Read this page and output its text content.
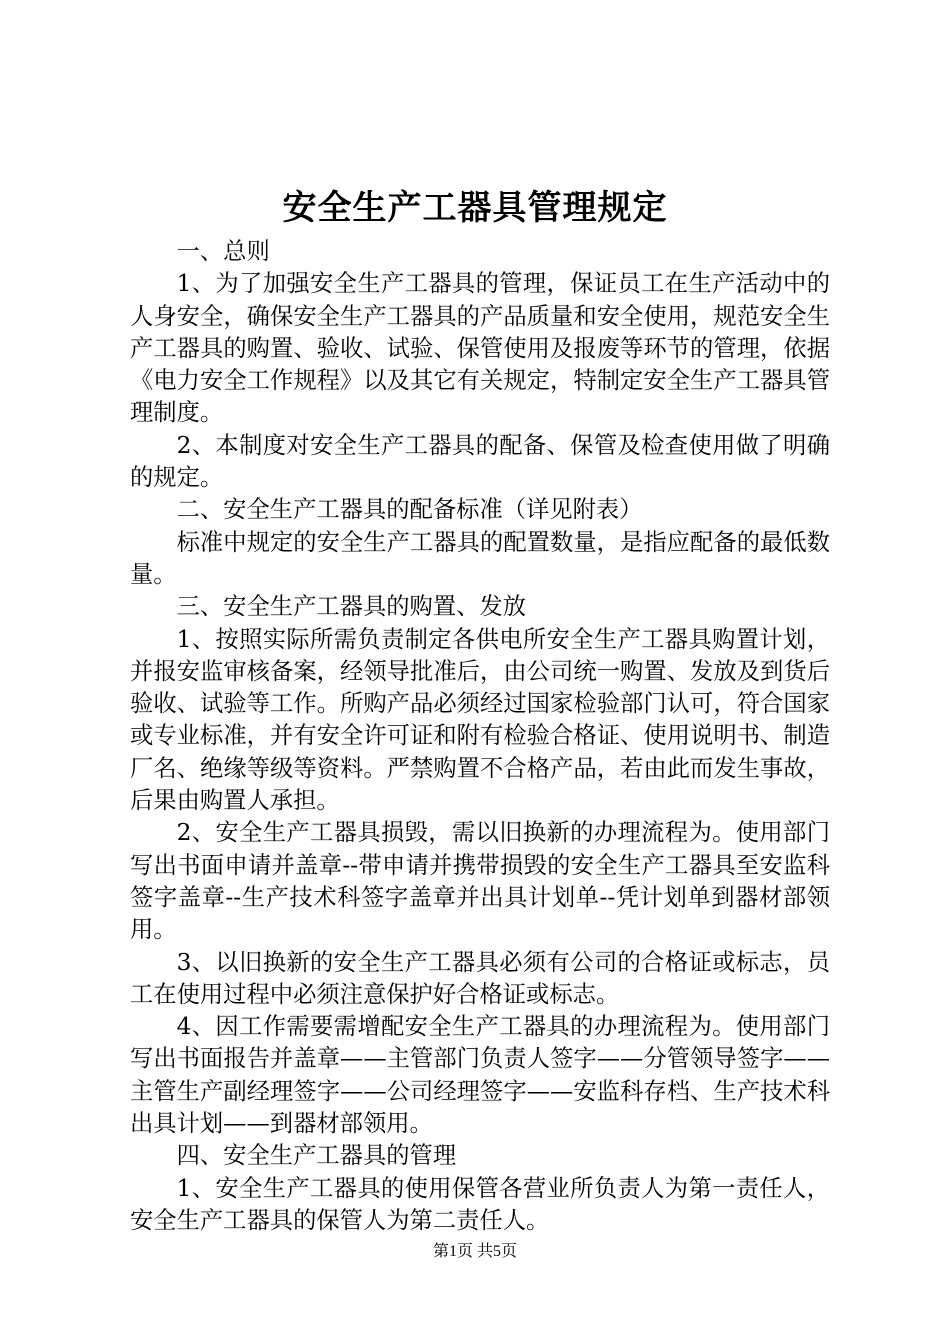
安全生产工器具管理规定

一、总则

1、为了加强安全生产工器具的管理，保证员工在生产活动中的人身安全，确保安全生产工器具的产品质量和安全使用，规范安全生产工器具的购置、验收、试验、保管使用及报废等环节的管理，依据《电力安全工作规程》以及其它有关规定，特制定安全生产工器具管理制度。

2、本制度对安全生产工器具的配备、保管及检查使用做了明确的规定。

二、安全生产工器具的配备标准（详见附表）

标准中规定的安全生产工器具的配置数量，是指应配备的最低数量。

三、安全生产工器具的购置、发放

1、按照实际所需负责制定各供电所安全生产工器具购置计划，并报安监审核备案，经领导批准后，由公司统一购置、发放及到货后验收、试验等工作。所购产品必须经过国家检验部门认可，符合国家或专业标准，并有安全许可证和附有检验合格证、使用说明书、制造厂名、绝缘等级等资料。严禁购置不合格产品，若由此而发生事故，后果由购置人承担。

2、安全生产工器具损毁，需以旧换新的办理流程为。使用部门写出书面申请并盖章--带申请并携带损毁的安全生产工器具至安监科签字盖章--生产技术科签字盖章并出具计划单--凭计划单到器材部领用。

3、以旧换新的安全生产工器具必须有公司的合格证或标志，员工在使用过程中必须注意保护好合格证或标志。

4、因工作需要需增配安全生产工器具的办理流程为。使用部门写出书面报告并盖章——主管部门负责人签字——分管领导签字——主管生产副经理签字——公司经理签字——安监科存档、生产技术科出具计划——到器材部领用。

四、安全生产工器具的管理

1、安全生产工器具的使用保管各营业所负责人为第一责任人，安全生产工器具的保管人为第二责任人。

第1页 共5页
